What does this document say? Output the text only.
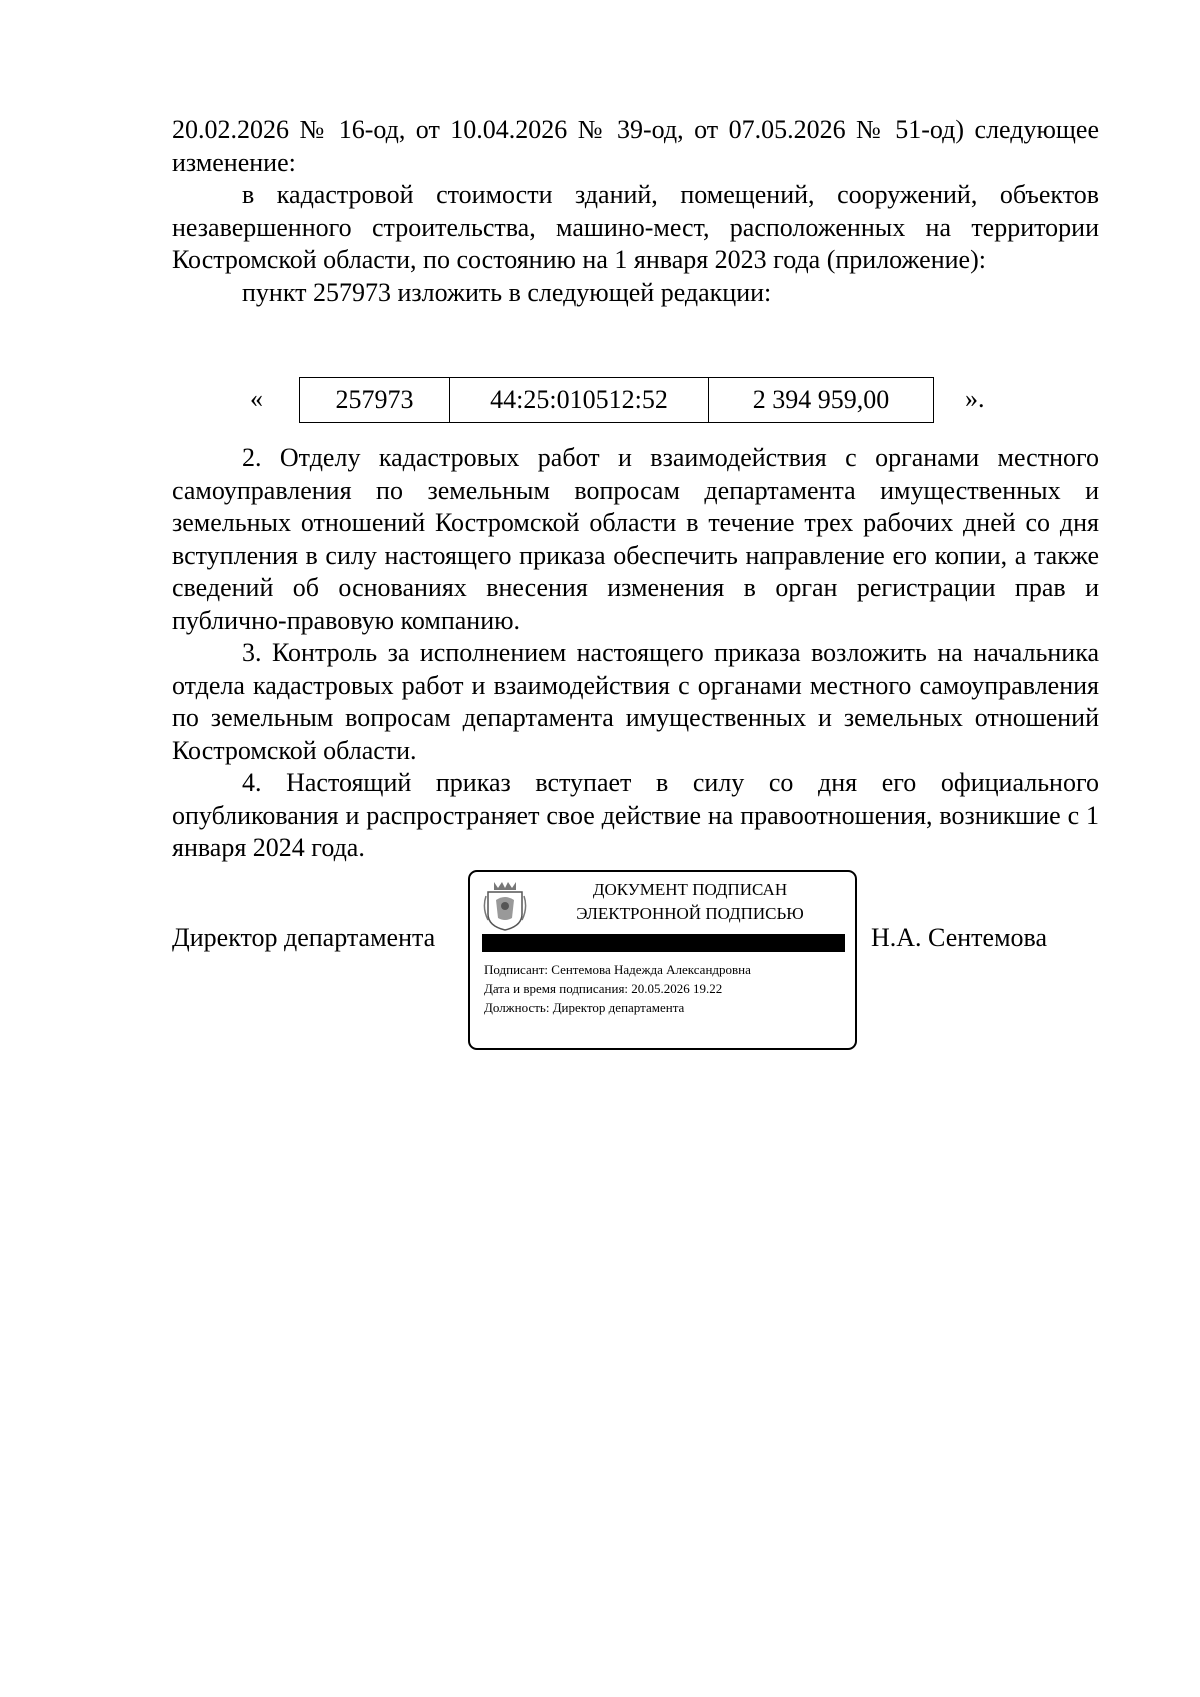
20.02.2026 № 16-од, от 10.04.2026 № 39-од, от 07.05.2026 № 51-од) следующее изменение:

в кадастровой стоимости зданий, помещений, сооружений, объектов незавершенного строительства, машино-мест, расположенных на территории Костромской области, по состоянию на 1 января 2023 года (приложение):

пункт 257973 изложить в следующей редакции:

«	257973	44:25:010512:52	2 394 959,00	».

2. Отделу кадастровых работ и взаимодействия с органами местного самоуправления по земельным вопросам департамента имущественных и земельных отношений Костромской области в течение трех рабочих дней со дня вступления в силу настоящего приказа обеспечить направление его копии, а также сведений об основаниях внесения изменения в орган регистрации прав и публично-правовую компанию.

3. Контроль за исполнением настоящего приказа возложить на начальника отдела кадастровых работ и взаимодействия с органами местного самоуправления по земельным вопросам департамента имущественных и земельных отношений Костромской области.

4. Настоящий приказ вступает в силу со дня его официального опубликования и распространяет свое действие на правоотношения, возникшие с 1 января 2024 года.

Директор департамента
ДОКУМЕНТ ПОДПИСАН
ЭЛЕКТРОННОЙ ПОДПИСЬЮ
Подписант: Сентемова Надежда Александровна
Дата и время подписания: 20.05.2026 19.22
Должность: Директор департамента
Н.А. Сентемова
